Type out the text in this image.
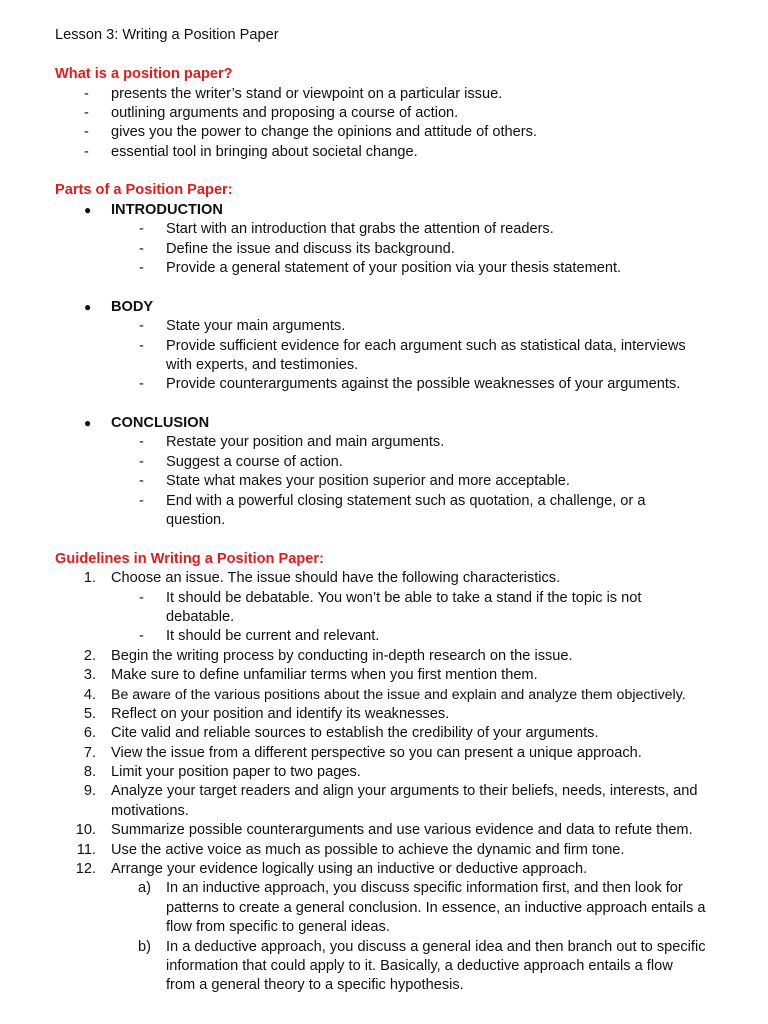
Lesson 3: Writing a Position Paper
What is a position paper?
- presents the writer’s stand or viewpoint on a particular issue.
- outlining arguments and proposing a course of action.
- gives you the power to change the opinions and attitude of others.
- essential tool in bringing about societal change.
Parts of a Position Paper:
● INTRODUCTION
- Start with an introduction that grabs the attention of readers.
- Define the issue and discuss its background.
- Provide a general statement of your position via your thesis statement.
● BODY
- State your main arguments.
- Provide sufficient evidence for each argument such as statistical data, interviews
with experts, and testimonies.
- Provide counterarguments against the possible weaknesses of your arguments.
● CONCLUSION
- Restate your position and main arguments.
- Suggest a course of action.
- State what makes your position superior and more acceptable.
- End with a powerful closing statement such as quotation, a challenge, or a
question.
Guidelines in Writing a Position Paper:
1. Choose an issue. The issue should have the following characteristics.
- It should be debatable. You won’t be able to take a stand if the topic is not
debatable.
- It should be current and relevant.
2. Begin the writing process by conducting in-depth research on the issue.
3. Make sure to define unfamiliar terms when you first mention them.
4. Be aware of the various positions about the issue and explain and analyze them objectively.
5. Reflect on your position and identify its weaknesses.
6. Cite valid and reliable sources to establish the credibility of your arguments.
7. View the issue from a different perspective so you can present a unique approach.
8. Limit your position paper to two pages.
9. Analyze your target readers and align your arguments to their beliefs, needs, interests, and
motivations.
10. Summarize possible counterarguments and use various evidence and data to refute them.
11. Use the active voice as much as possible to achieve the dynamic and firm tone.
12. Arrange your evidence logically using an inductive or deductive approach.
a) In an inductive approach, you discuss specific information first, and then look for
patterns to create a general conclusion. In essence, an inductive approach entails a
flow from specific to general ideas.
b) In a deductive approach, you discuss a general idea and then branch out to specific
information that could apply to it. Basically, a deductive approach entails a flow
from a general theory to a specific hypothesis.
